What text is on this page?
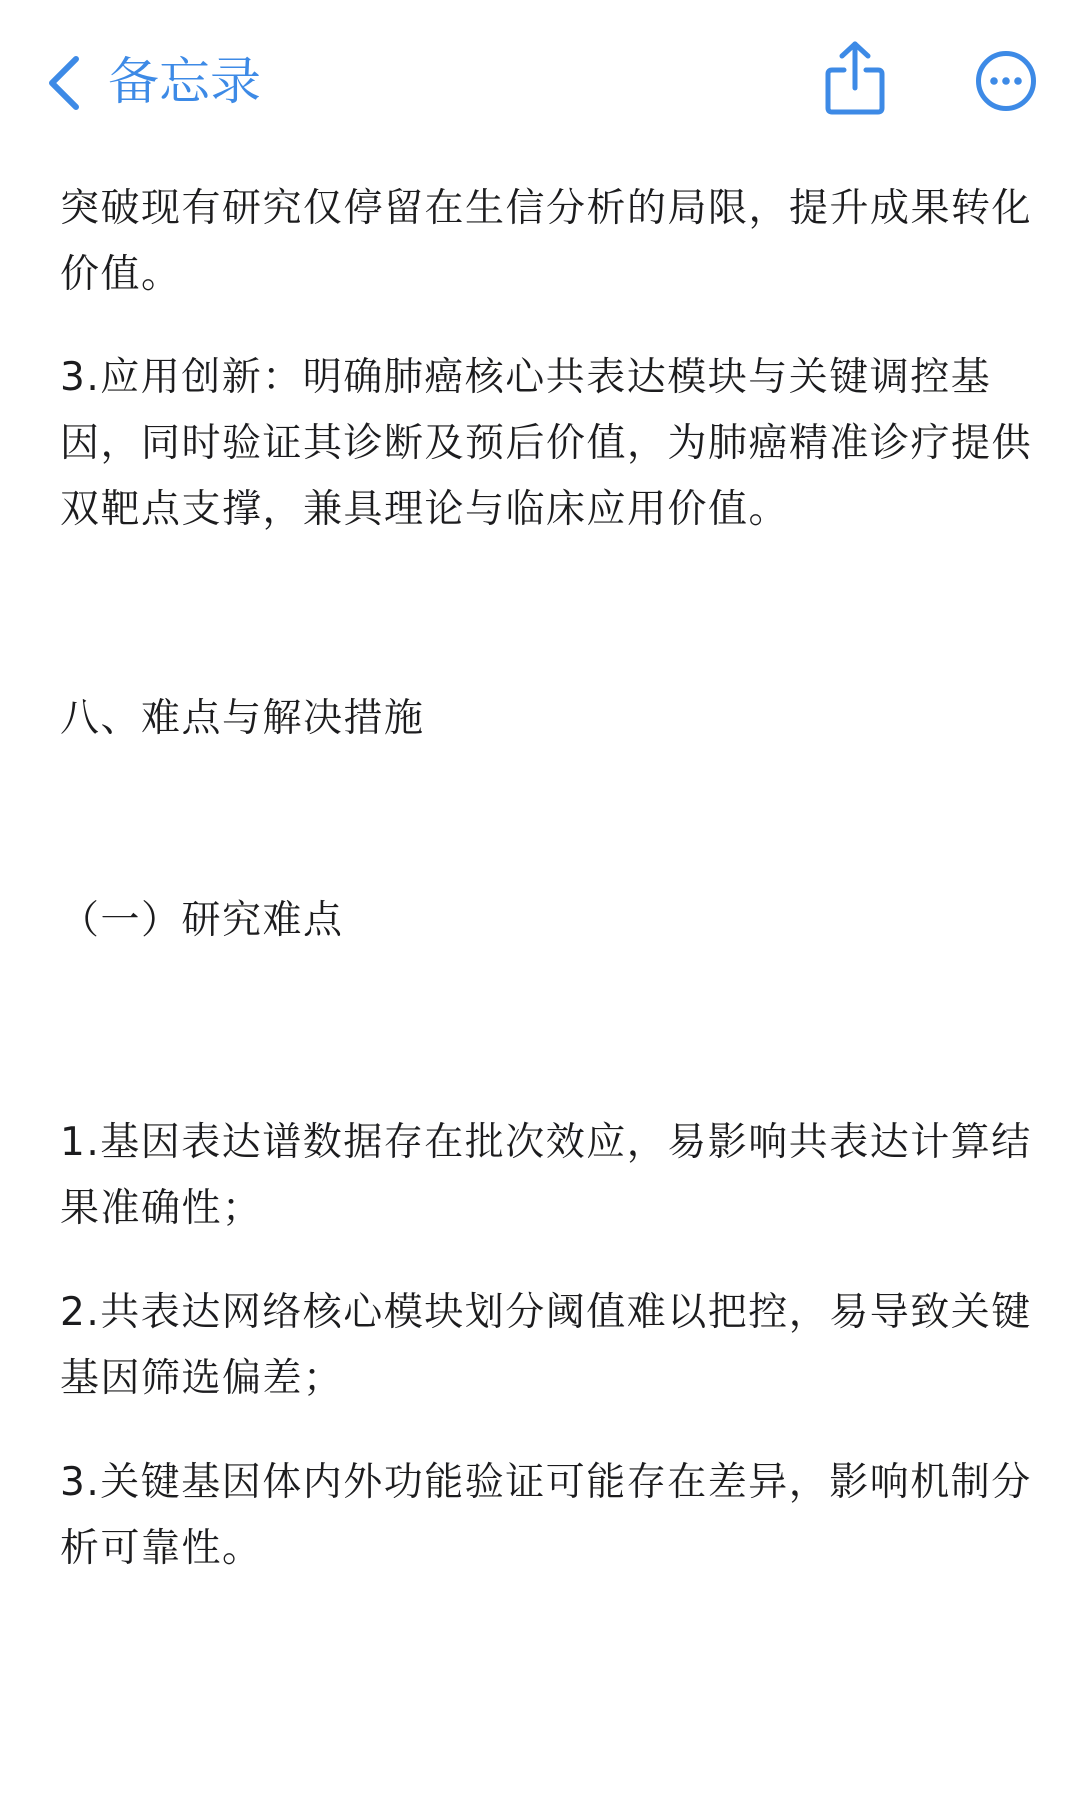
备忘录

突破现有研究仅停留在生信分析的局限，提升成果转化价值。

3.应用创新：明确肺癌核心共表达模块与关键调控基因，同时验证其诊断及预后价值，为肺癌精准诊疗提供双靶点支撑，兼具理论与临床应用价值。

八、难点与解决措施

（一）研究难点

1.基因表达谱数据存在批次效应，易影响共表达计算结果准确性；

2.共表达网络核心模块划分阈值难以把控，易导致关键基因筛选偏差；

3.关键基因体内外功能验证可能存在差异，影响机制分析可靠性。
